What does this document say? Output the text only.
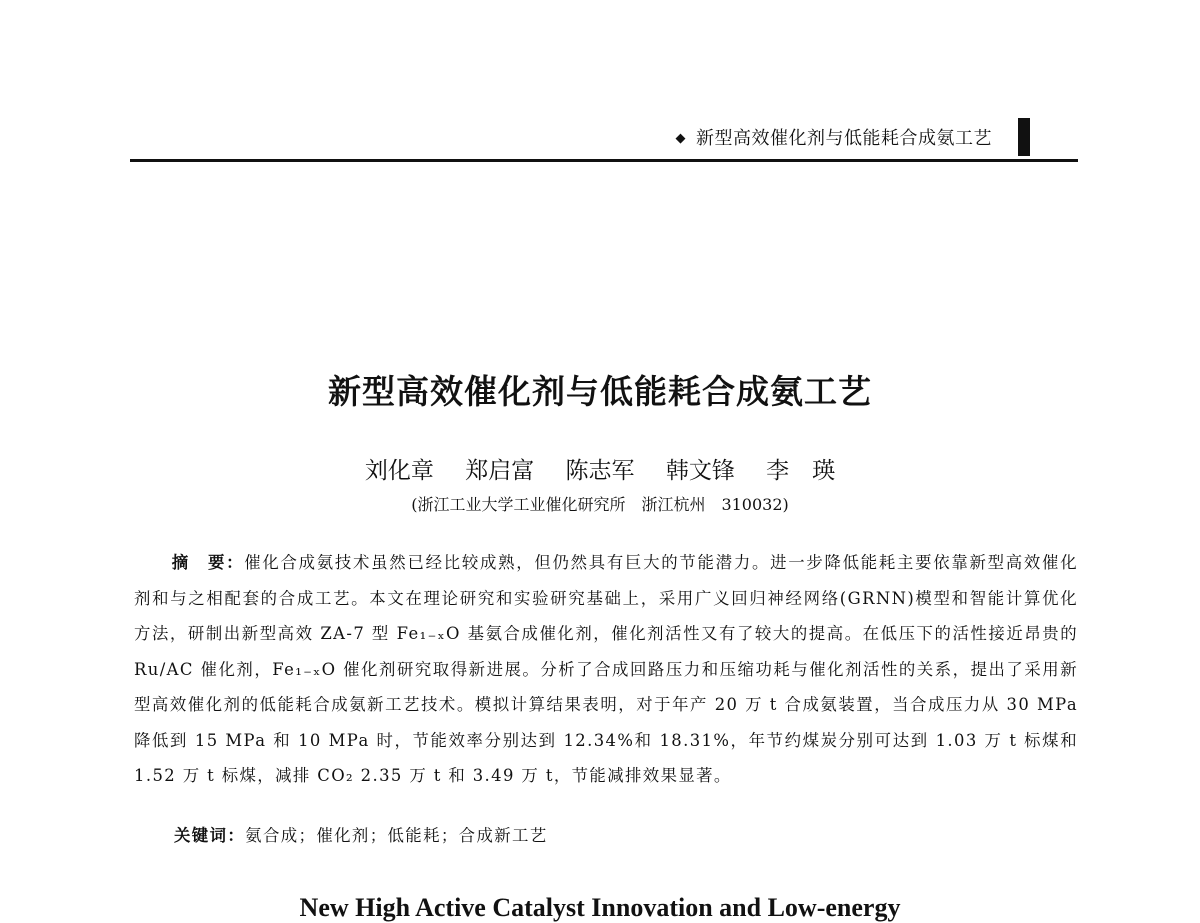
◆ 新型高效催化剂与低能耗合成氨工艺
新型高效催化剂与低能耗合成氨工艺
刘化章 郑启富 陈志军 韩文锋 李　瑛
(浙江工业大学工业催化研究所　浙江杭州　310032)

摘　要：催化合成氨技术虽然已经比较成熟，但仍然具有巨大的节能潜力。进一步降低能耗主要依靠新型高效催化剂和与之相配套的合成工艺。本文在理论研究和实验研究基础上，采用广义回归神经网络(GRNN)模型和智能计算优化方法，研制出新型高效 ZA-7 型 Fe₁₋ₓO 基氨合成催化剂，催化剂活性又有了较大的提高。在低压下的活性接近昂贵的 Ru/AC 催化剂，Fe₁₋ₓO 催化剂研究取得新进展。分析了合成回路压力和压缩功耗与催化剂活性的关系，提出了采用新型高效催化剂的低能耗合成氨新工艺技术。模拟计算结果表明，对于年产 20 万 t 合成氨装置，当合成压力从 30 MPa 降低到 15 MPa 和 10 MPa 时，节能效率分别达到 12.34%和 18.31%，年节约煤炭分别可达到 1.03 万 t 标煤和 1.52 万 t 标煤，减排 CO₂ 2.35 万 t 和 3.49 万 t，节能减排效果显著。

关键词：氨合成；催化剂；低能耗；合成新工艺
New High Active Catalyst Innovation and Low-energy
